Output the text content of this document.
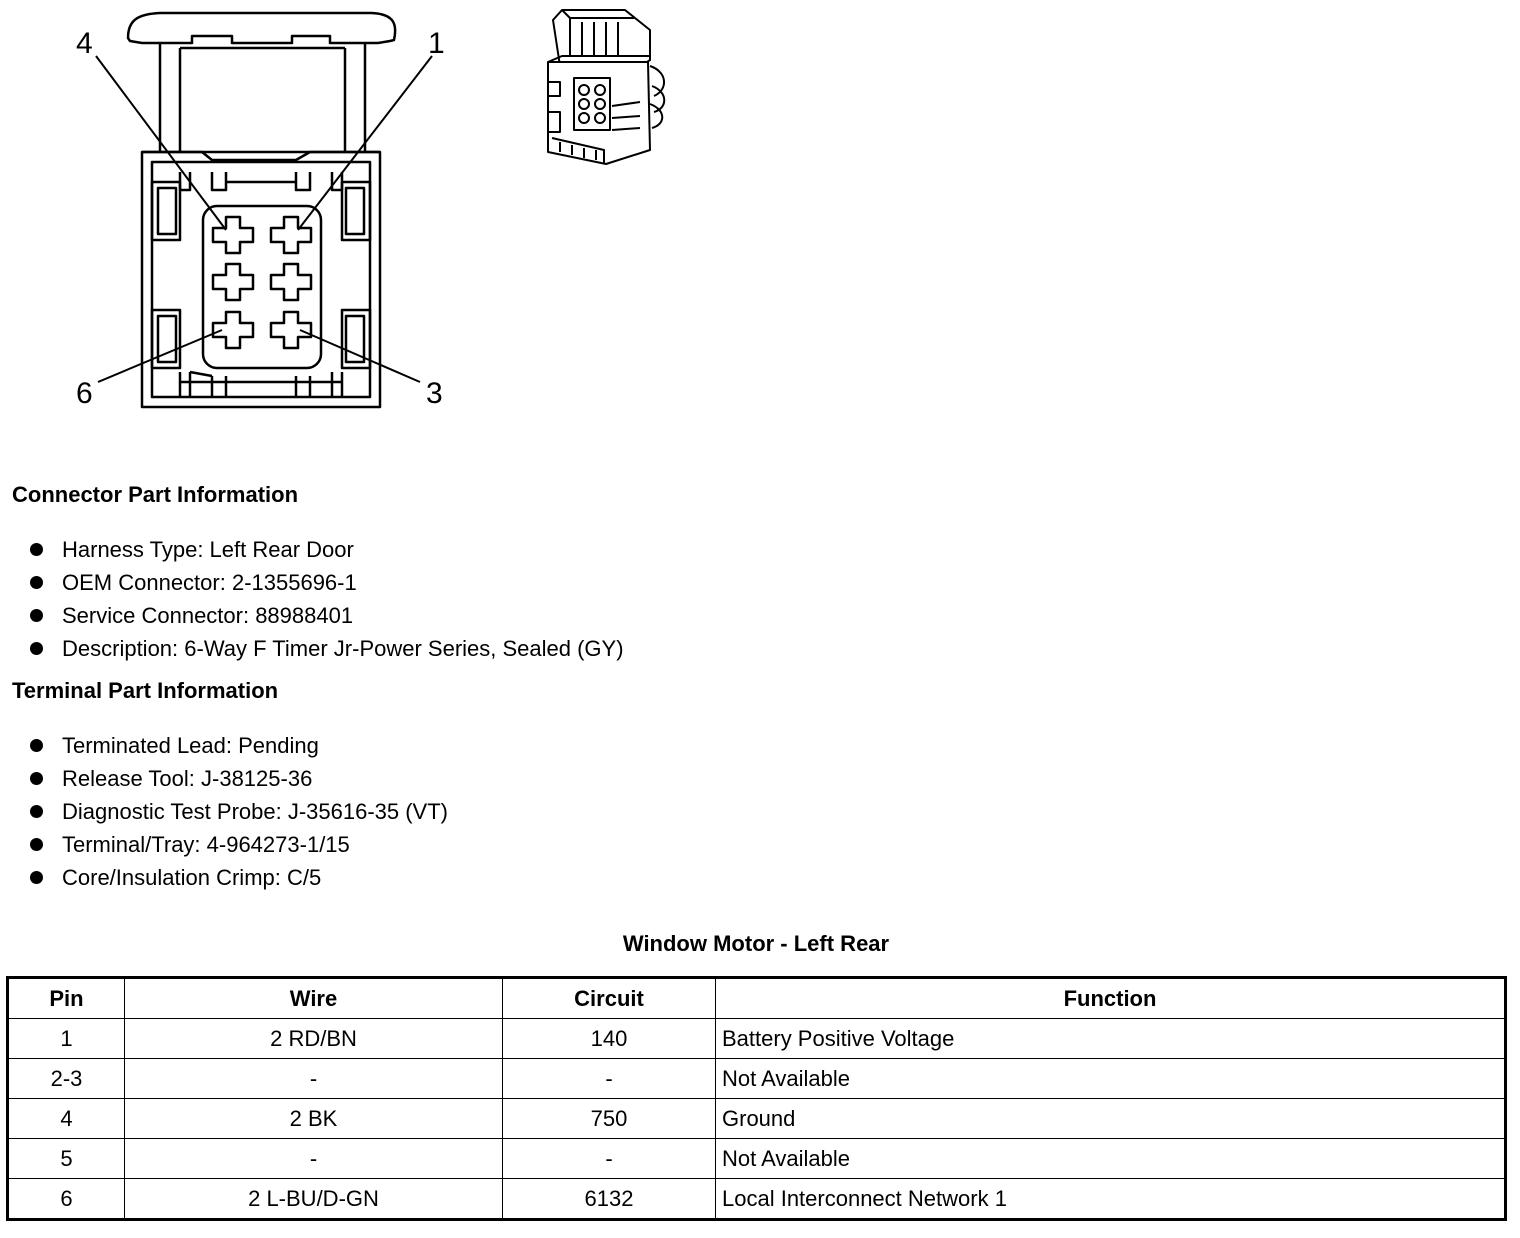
4	1
6	3
Connector Part Information
Harness Type: Left Rear Door
OEM Connector: 2-1355696-1
Service Connector: 88988401
Description: 6-Way F Timer Jr-Power Series, Sealed (GY)
Terminal Part Information
Terminated Lead: Pending
Release Tool: J-38125-36
Diagnostic Test Probe: J-35616-35 (VT)
Terminal/Tray: 4-964273-1/15
Core/Insulation Crimp: C/5
Window Motor - Left Rear
Pin	Wire	Circuit	Function
1	2 RD/BN	140	Battery Positive Voltage
2-3	-	-	Not Available
4	2 BK	750	Ground
5	-	-	Not Available
6	2 L-BU/D-GN	6132	Local Interconnect Network 1
